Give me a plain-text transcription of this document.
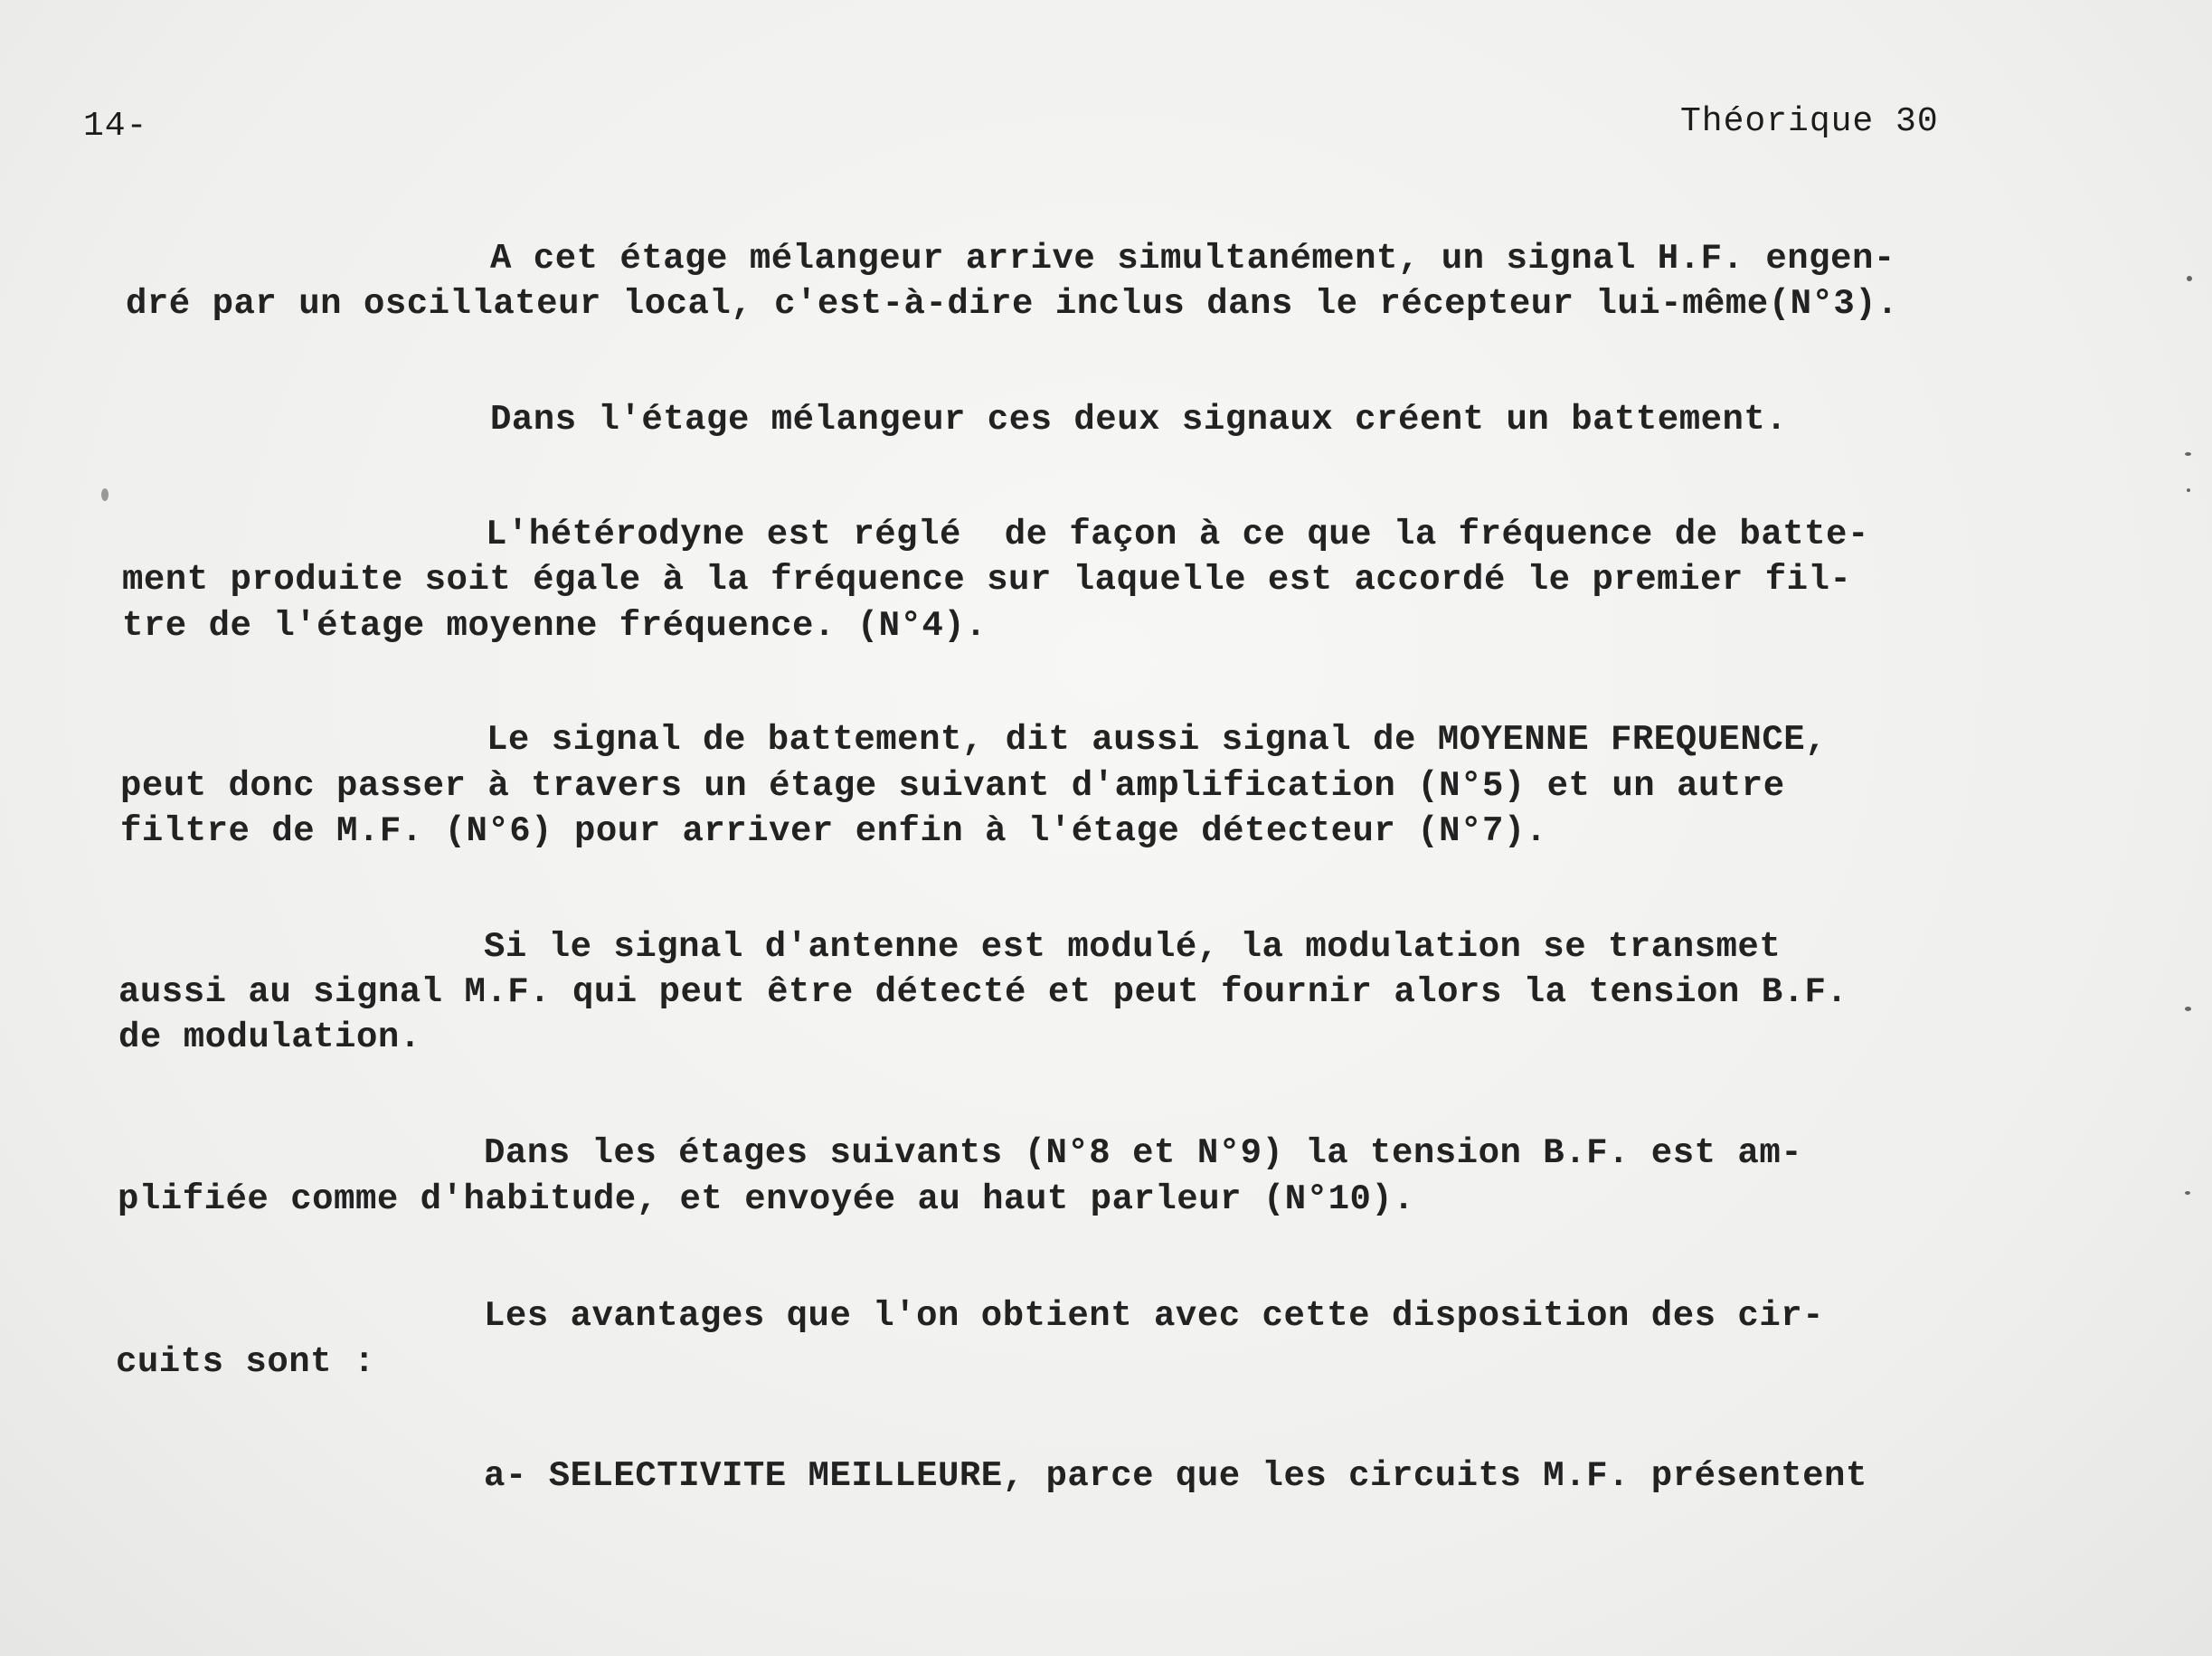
14-	Théorique 30
A cet étage mélangeur arrive simultanément, un signal H.F. engen-
dré par un oscillateur local, c'est-à-dire inclus dans le récepteur lui-même(N°3).
Dans l'étage mélangeur ces deux signaux créent un battement.
L'hétérodyne est réglé  de façon à ce que la fréquence de batte-
ment produite soit égale à la fréquence sur laquelle est accordé le premier fil-
tre de l'étage moyenne fréquence. (N°4).
Le signal de battement, dit aussi signal de MOYENNE FREQUENCE,
peut donc passer à travers un étage suivant d'amplification (N°5) et un autre
filtre de M.F. (N°6) pour arriver enfin à l'étage détecteur (N°7).
Si le signal d'antenne est modulé, la modulation se transmet
aussi au signal M.F. qui peut être détecté et peut fournir alors la tension B.F.
de modulation.
Dans les étages suivants (N°8 et N°9) la tension B.F. est am-
plifiée comme d'habitude, et envoyée au haut parleur (N°10).
Les avantages que l'on obtient avec cette disposition des cir-
cuits sont :
a- SELECTIVITE MEILLEURE, parce que les circuits M.F. présentent
